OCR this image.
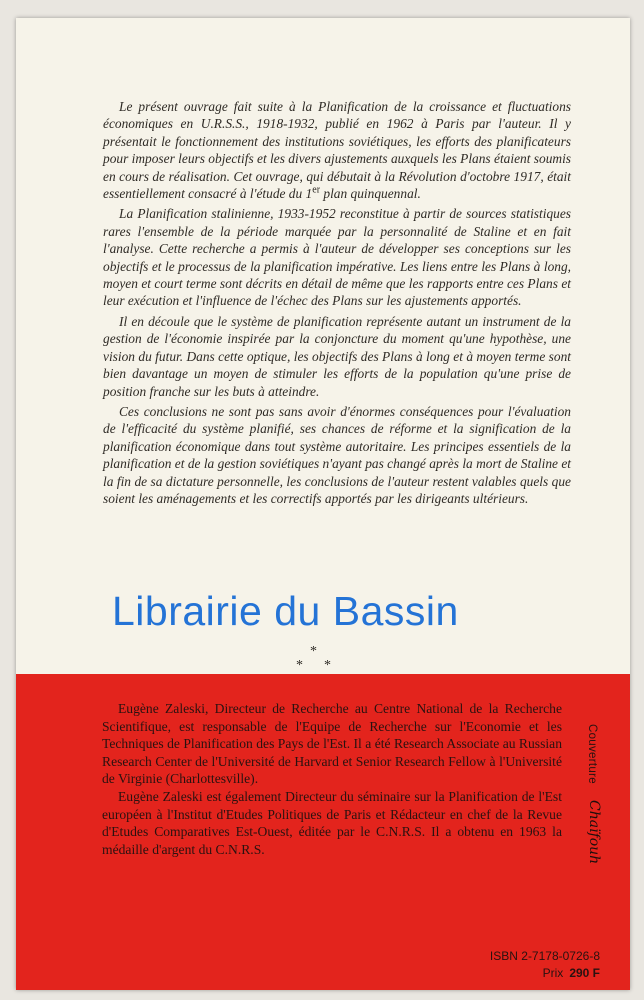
Le présent ouvrage fait suite à la Planification de la croissance et fluctuations économiques en U.R.S.S., 1918-1932, publié en 1962 à Paris par l'auteur. Il y présentait le fonctionnement des institutions soviétiques, les efforts des planificateurs pour imposer leurs objectifs et les divers ajustements auxquels les Plans étaient soumis en cours de réalisation. Cet ouvrage, qui débutait à la Révolution d'octobre 1917, était essentiellement consacré à l'étude du 1er plan quinquennal.

La Planification stalinienne, 1933-1952 reconstitue à partir de sources statistiques rares l'ensemble de la période marquée par la personnalité de Staline et en fait l'analyse. Cette recherche a permis à l'auteur de développer ses conceptions sur les objectifs et le processus de la planification impérative. Les liens entre les Plans à long, moyen et court terme sont décrits en détail de même que les rapports entre ces Plans et leur exécution et l'influence de l'échec des Plans sur les ajustements apportés.

Il en découle que le système de planification représente autant un instrument de la gestion de l'économie inspirée par la conjoncture du moment qu'une hypothèse, une vision du futur. Dans cette optique, les objectifs des Plans à long et à moyen terme sont bien davantage un moyen de stimuler les efforts de la population qu'une prise de position franche sur les buts à atteindre.

Ces conclusions ne sont pas sans avoir d'énormes conséquences pour l'évaluation de l'efficacité du système planifié, ses chances de réforme et la signification de la planification économique dans tout système autoritaire. Les principes essentiels de la planification et de la gestion soviétiques n'ayant pas changé après la mort de Staline et la fin de sa dictature personnelle, les conclusions de l'auteur restent valables quels que soient les aménagements et les correctifs apportés par les dirigeants ultérieurs.

*
* *

Eugène Zaleski, Directeur de Recherche au Centre National de la Recherche Scientifique, est responsable de l'Equipe de Recherche sur l'Economie et les Techniques de Planification des Pays de l'Est. Il a été Research Associate au Russian Research Center de l'Université de Harvard et Senior Research Fellow à l'Université de Virginie (Charlottesville).

Eugène Zaleski est également Directeur du séminaire sur la Planification de l'Est européen à l'Institut d'Etudes Politiques de Paris et Rédacteur en chef de la Revue d'Etudes Comparatives Est-Ouest, éditée par le C.N.R.S. Il a obtenu en 1963 la médaille d'argent du C.N.R.S.

Couverture
Chaïfouh
ISBN 2-7178-0726-8
Prix 290 F
Librairie du Bassin
